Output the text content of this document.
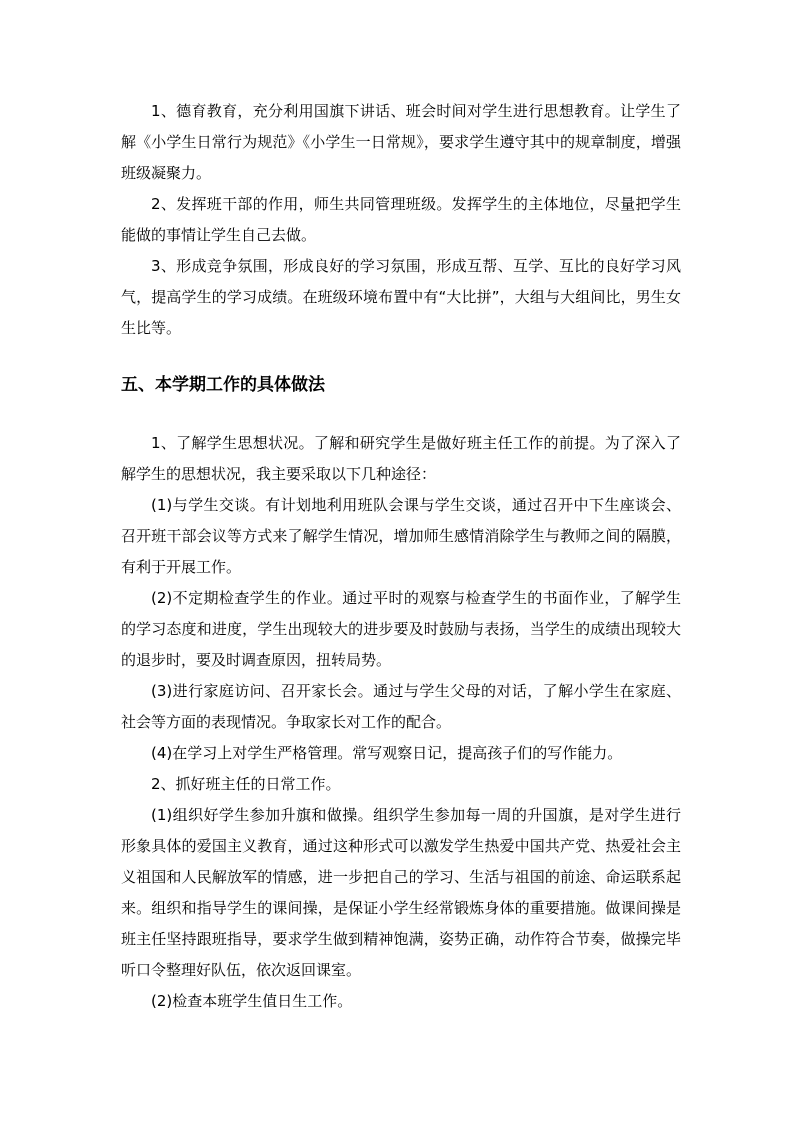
1、德育教育，充分利用国旗下讲话、班会时间对学生进行思想教育。让学生了解《小学生日常行为规范》《小学生一日常规》，要求学生遵守其中的规章制度，增强班级凝聚力。

2、发挥班干部的作用，师生共同管理班级。发挥学生的主体地位，尽量把学生能做的事情让学生自己去做。

3、形成竞争氛围，形成良好的学习氛围，形成互帮、互学、互比的良好学习风气，提高学生的学习成绩。在班级环境布置中有“大比拼”，大组与大组间比，男生女生比等。

五、本学期工作的具体做法

1、了解学生思想状况。了解和研究学生是做好班主任工作的前提。为了深入了解学生的思想状况，我主要采取以下几种途径：

(1)与学生交谈。有计划地利用班队会课与学生交谈，通过召开中下生座谈会、召开班干部会议等方式来了解学生情况，增加师生感情消除学生与教师之间的隔膜，有利于开展工作。

(2)不定期检查学生的作业。通过平时的观察与检查学生的书面作业，了解学生的学习态度和进度，学生出现较大的进步要及时鼓励与表扬，当学生的成绩出现较大的退步时，要及时调查原因，扭转局势。

(3)进行家庭访问、召开家长会。通过与学生父母的对话，了解小学生在家庭、社会等方面的表现情况。争取家长对工作的配合。

(4)在学习上对学生严格管理。常写观察日记，提高孩子们的写作能力。

2、抓好班主任的日常工作。

(1)组织好学生参加升旗和做操。组织学生参加每一周的升国旗，是对学生进行形象具体的爱国主义教育，通过这种形式可以激发学生热爱中国共产党、热爱社会主义祖国和人民解放军的情感，进一步把自己的学习、生活与祖国的前途、命运联系起来。组织和指导学生的课间操，是保证小学生经常锻炼身体的重要措施。做课间操是班主任坚持跟班指导，要求学生做到精神饱满，姿势正确，动作符合节奏，做操完毕听口令整理好队伍，依次返回课室。

(2)检查本班学生值日生工作。
